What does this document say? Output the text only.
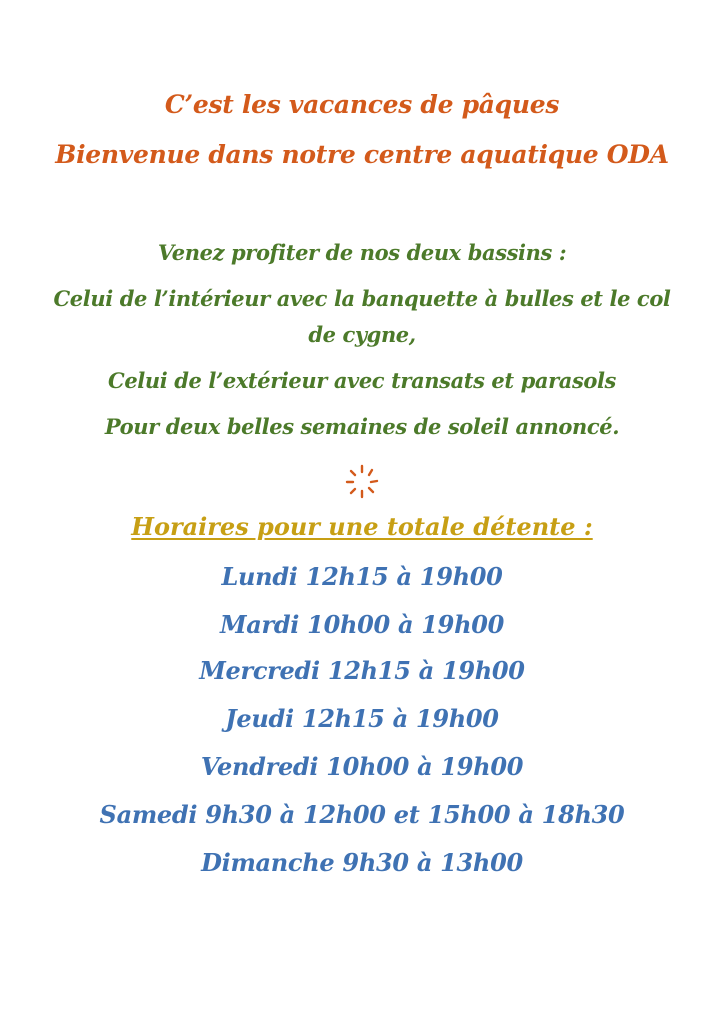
C’est les vacances de pâques

Bienvenue dans notre centre aquatique ODA

Venez profiter de nos deux bassins :

Celui de l’intérieur avec la banquette à bulles et le col

de cygne,

Celui de l’extérieur avec transats et parasols

Pour deux belles semaines de soleil annoncé.

Horaires pour une totale détente :

Lundi 12h15 à 19h00

Mardi 10h00 à 19h00

Mercredi 12h15 à 19h00

Jeudi 12h15 à 19h00

Vendredi 10h00 à 19h00

Samedi 9h30 à 12h00 et 15h00 à 18h30

Dimanche 9h30 à 13h00
